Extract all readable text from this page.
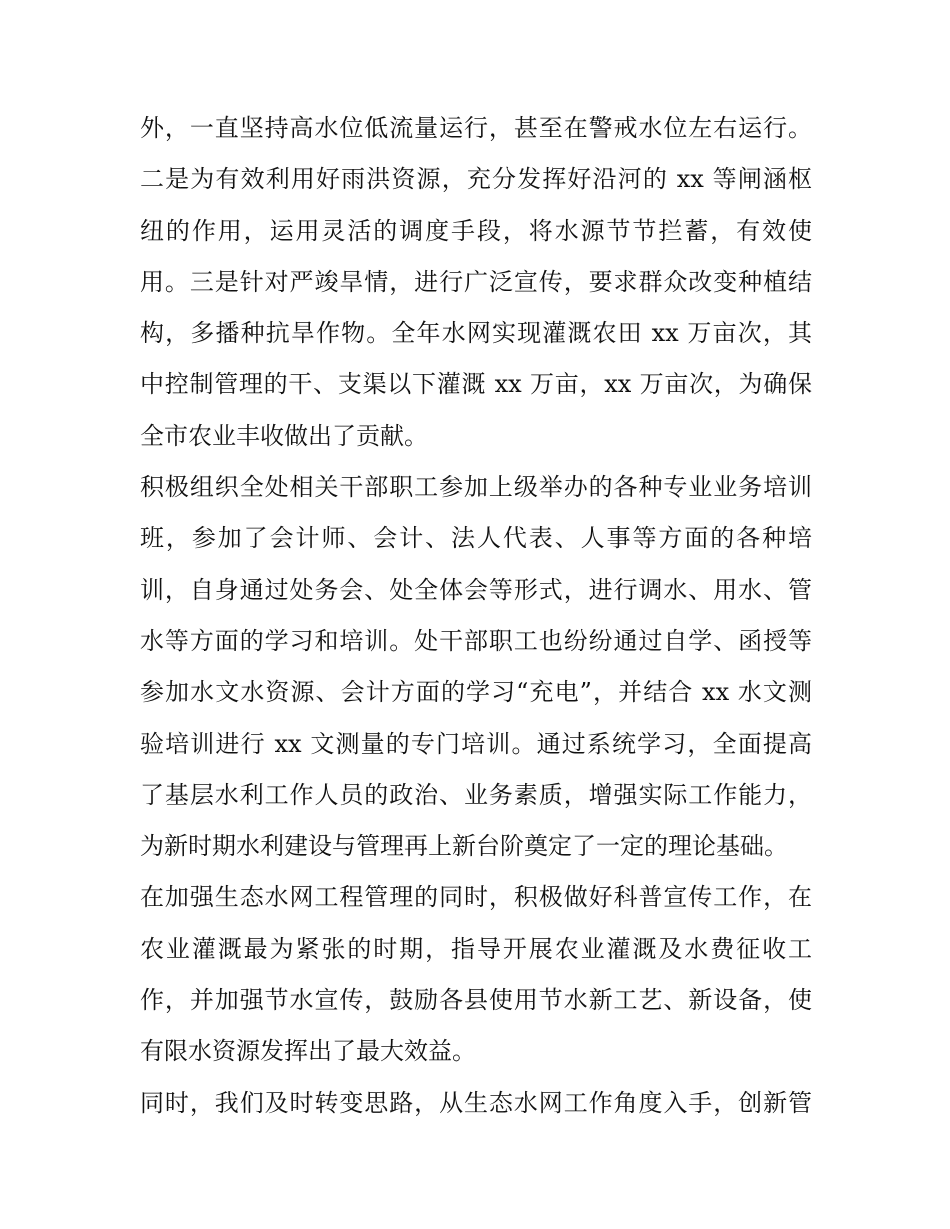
外，一直坚持高水位低流量运行，甚至在警戒水位左右运行。
二是为有效利用好雨洪资源，充分发挥好沿河的 xx 等闸涵枢
纽的作用，运用灵活的调度手段，将水源节节拦蓄，有效使
用。三是针对严竣旱情，进行广泛宣传，要求群众改变种植结
构，多播种抗旱作物。全年水网实现灌溉农田 xx 万亩次，其
中控制管理的干、支渠以下灌溉 xx 万亩，xx 万亩次，为确保
全市农业丰收做出了贡献。
积极组织全处相关干部职工参加上级举办的各种专业业务培训
班，参加了会计师、会计、法人代表、人事等方面的各种培
训，自身通过处务会、处全体会等形式，进行调水、用水、管
水等方面的学习和培训。处干部职工也纷纷通过自学、函授等
参加水文水资源、会计方面的学习“充电”，并结合 xx 水文测
验培训进行 xx 文测量的专门培训。通过系统学习，全面提高
了基层水利工作人员的政治、业务素质，增强实际工作能力，
为新时期水利建设与管理再上新台阶奠定了一定的理论基础。
在加强生态水网工程管理的同时，积极做好科普宣传工作，在
农业灌溉最为紧张的时期，指导开展农业灌溉及水费征收工
作，并加强节水宣传，鼓励各县使用节水新工艺、新设备，使
有限水资源发挥出了最大效益。
同时，我们及时转变思路，从生态水网工作角度入手，创新管
